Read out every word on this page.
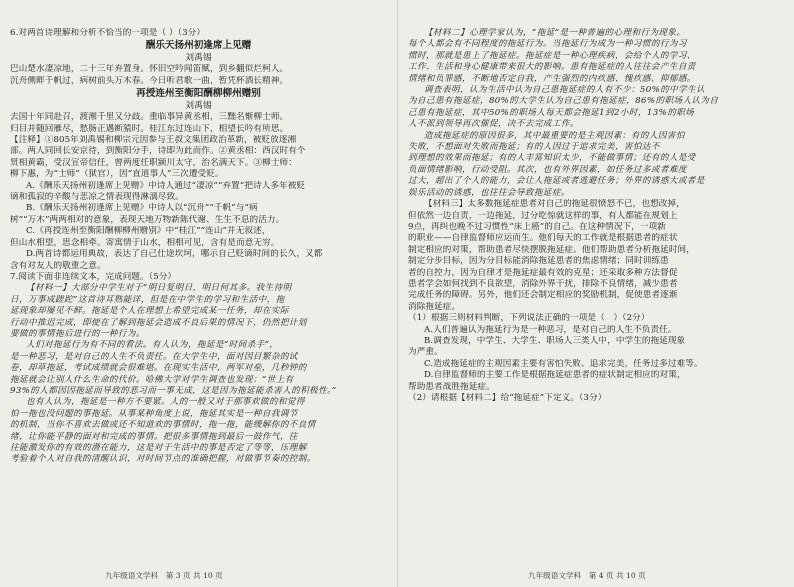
6.对两首诗理解和分析不恰当的一项是（ ）（3分）
酬乐天扬州初逢席上见赠
刘禹锡
巴山楚水凄凉地，二十三年弃置身。怀旧空吟闻笛赋，到乡翻似烂柯人。
沉舟侧畔千帆过，病树前头万木春。今日听君歌一曲，暂凭杯酒长精神。
再授连州至衡阳酬柳柳州赠别
刘禹锡
去国十年同赴召，渡湘千里又分歧。重临事异黄丞相，三黜名惭柳士师。
归目并随回雁尽，愁肠正遇断猿时。桂江东过连山下，相望长吟有所思。
【注释】①805年刘禹锡和柳宗元因参与王叔文集团政治革新，被贬放逐湘
部。两人同回长安京待，到衡阳分手，诗即为此而作。②黄丞相：西汉时有个
贤相黄霸，受汉宣帝信任，曾两度任职颍川太守，治名满天下。③柳士师：
柳下惠，为“士师”（狱官），因“直道事人”三次遭受贬。
A.《酬乐天扬州初逢席上见赠》中诗人通过“凄凉”“弃置”把诗人多年被贬
谪和孤寂的辛酸与悲凉之情表现得淋漓尽致。
B.《酬乐天扬州初逢席上见赠》中诗人以“沉舟”“千帆”与“病
树”“万木”两两相对的意象，表现天地万物新陈代谢、生生不息的活力。
C.《再授连州至衡阳酬柳柳州赠别》中“桂江”“连山”并无叙述，
但山水相望，思念相牵。寄寓情于山水，相相可见，含有是而意无穷。
D.两首诗都运用典故，表达了自己仕途坎坷，哪示自己贬谪时间的长久，又都
含有对友人的敬重之意。
7.阅读下面非连续文本，完成问题。（5分）
【材料一】大部分中学生对于“明日复明日，明日何其多。我生待明
日，万事成蹉跎”这首诗耳熟能详，但是在中学生的学习和生活中，拖
延现象却屡见不鲜。拖延是个人在理想上希望完成某一任务，却在实际
行动中推迟完成，即使在了解到拖延会造成不良后果的情况下，仍然把计划
要做的事情拖后进行的一种行为。
人们对拖延行为有不同的看法。有人认为，拖延是“时间杀手”，
是一种恶习，是对自己的人生不负责任。在大学生中，面对因目繁杂的试
卷，却草拖延，考试成绩就会很难堪。在现实生活中，两军对垒，几秒钟的
拖延就会让别人什么生命的代价。哈佛大学对学生调查也发现：“世上有
93%的人都因因拖延而导致的恶习而一事无成，这是因为拖延能杀害人的积极性。”
也有人认为，拖延是一种方不要紧。人的一般又对于那事欢做的和觉得
怕一拖也没问题的事拖延。从事某种角度上说，拖延其实是一种自我调节
的机制，当你不喜欢去做或还不知道欢的事情时，拖一拖，能缓解你的不良情
绪，让你能平静的面对和完成的事情。把很多事情拖到最后一鼓作气，往
往能激发你的有效的潜在能力，这是对于生活中的事是否定了等等，压理解
考验着个人对自我的清醒认识，对时间节点的准确把握，对做事节奏的控制。
九年级语文学科　第 3 页 共 10 页
【材料二】心理学家认为，“拖延”是一种普遍的心理和行为现象。
每个人都会有不同程度的拖延行为。当拖延行为成为一种习惯的行为习
惯时，那就是患上了拖延症。拖延症是一种心理疾病，会给个人的学习、
工作、生活和身心健康带来很大的影响。患有拖延症的人往往会产生自责
情绪和负罪感，不断地否定自我，产生强烈的内疚感、愧疚感、抑郁感。
调查表明，认为生活中认为自己患拖延症的人有不少：50%的中学生认
为自己患有拖延症，80%的大学生认为自己患有拖延症，86%的职场人认为自
己患有拖延症，其中50%的职场人每天都会拖延1到2小时，13%的职场
人不派到领导再次催促，决不去完成工作。
造成拖延症的原因很多，其中最重要的是主观因素：有的人因害怕
失败，不想面对失败而拖延；有的人因过于追求完美，害怕达不
到理想的效果而拖延；有的人丰富知识太少，不能做事情；还有的人是受
负面情绪影响，行动受阻。其次，也有外界因素，如任务过多或者难度
过大，超出了个人的能力，会让人拖延或者逃避任务；外界的诱惑大或者是
娱乐活动的诱惑，也往往会导致拖延症。
【材料三】太多数拖延症患者对自己的拖延很愤怒不已，也想改掉，
但依然一边自责，一边拖延，过分吃惊就这样的事，有人都能在规划上
9点，再纠也晚不过习惯性“床上癌”的自己。在这种情况下，一项新
的职业——自律监督师应运而生。他们每天的工作就是根据患者的症状
制定相应的对策，帮助患者尽快摆脱拖延症。他们帮助患者分析拖延时间，
制定分步目标，因为分目标能消除拖延患者的焦虑情绪；同时训练患
者的自控力，因为自律才是拖延症最有效的克星；还采取多种方法督促
患者学会如何找到不良欲望，消除外界干扰，排除不良情绪，减少患者
完成任务的障碍。另外，他们还会制定相应的奖励机制，促使患者逐渐
消除拖延症。
（1）根据三则材料判断，下列说法正确的一项是（　）（2分）
A.人们普遍认为拖延行为是一种恶习，是对自己的人生不负责任。
B.调查发现，中学生、大学生、职场人三类人中，中学生的拖延现象
为严重。
C.造成拖延症的主观因素主要有害怕失败、追求完美，任务过多过难等。
D.自律监督师的主要工作是根据拖延症患者的症状制定相应的对策，
帮助患者战胜拖延症。
（2）请根据【材料二】给“拖延症”下定义。（3分）
九年级语文学科　第 4 页 共 10 页
